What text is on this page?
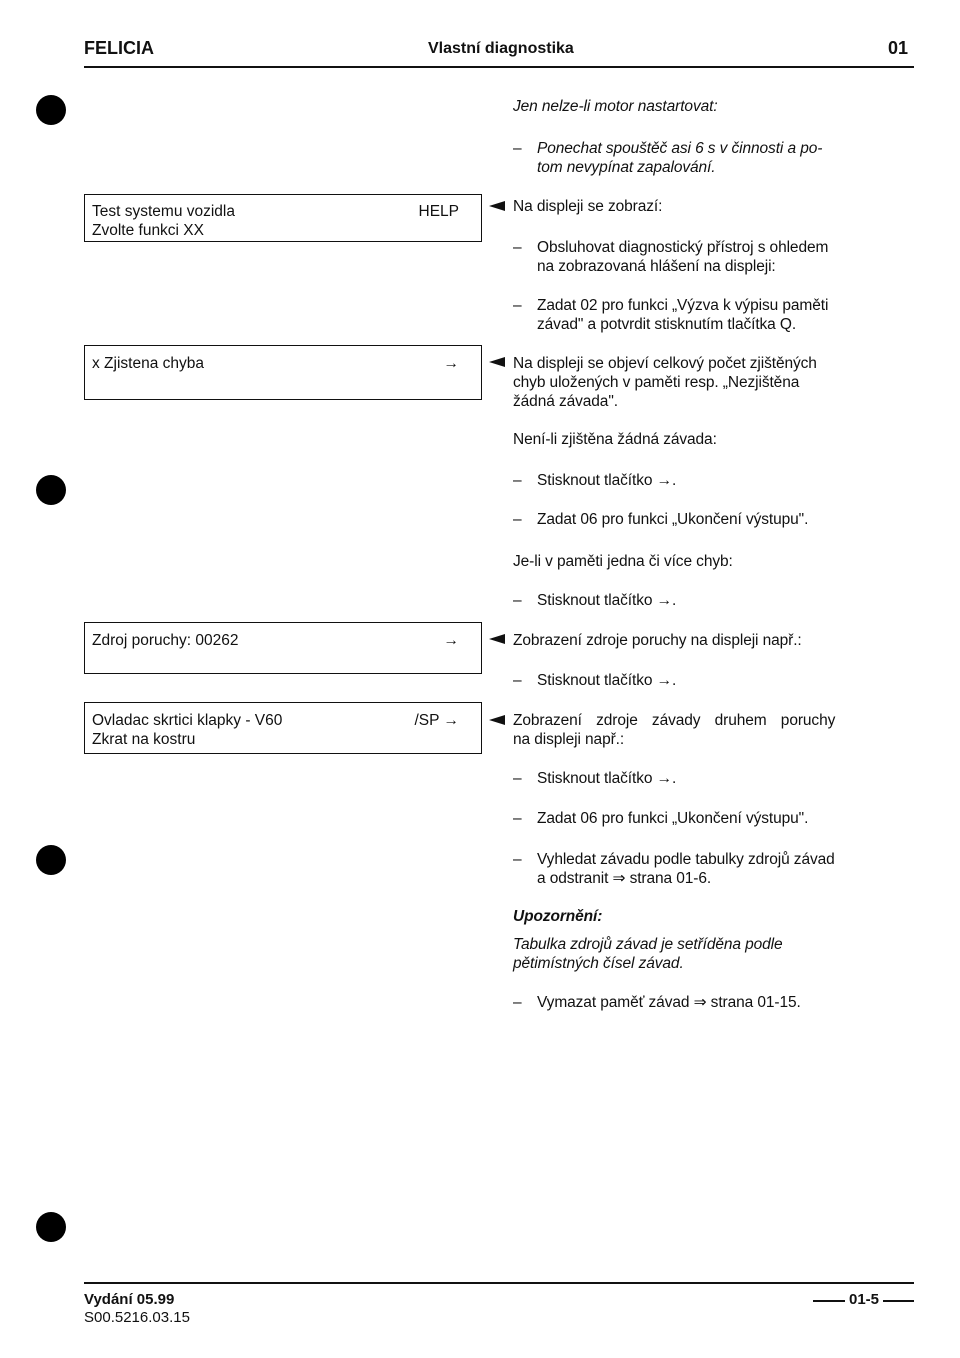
FELICIA	Vlastní diagnostika	01
Jen nelze-li motor nastartovat:
– Ponechat spouštěč asi 6 s v činnosti a po-
tom nevypínat zapalování.
Test systemu vozidla
Zvolte funkci XX
HELP	Na displeji se zobrazí:
– Obsluhovat diagnostický přístroj s ohledem
na zobrazovaná hlášení na displeji:
– Zadat 02 pro funkci „Výzva k výpisu paměti
závad" a potvrdit stisknutím tlačítka Q.
x Zjistena chyba	→	Na displeji se objeví celkový počet zjištěných
chyb uložených v paměti resp. „Nezjištěna
žádná závada".
Není-li zjištěna žádná závada:
– Stisknout tlačítko →.
– Zadat 06 pro funkci „Ukončení výstupu".
Je-li v paměti jedna či více chyb:
– Stisknout tlačítko →.
Zdroj poruchy: 00262	→	Zobrazení zdroje poruchy na displeji např.:
– Stisknout tlačítko →.
Ovladac skrtici klapky - V60
Zkrat na kostru
/SP →	Zobrazení zdroje závady druhem poruchy
na displeji např.:
– Stisknout tlačítko →.
– Zadat 06 pro funkci „Ukončení výstupu".
– Vyhledat závadu podle tabulky zdrojů závad
a odstranit ⇒ strana 01-6.
Upozornění:
Tabulka zdrojů závad je setříděna podle
pětimístných čísel závad.
– Vymazat paměť závad ⇒ strana 01-15.
Vydání 05.99
S00.5216.03.15
01-5
